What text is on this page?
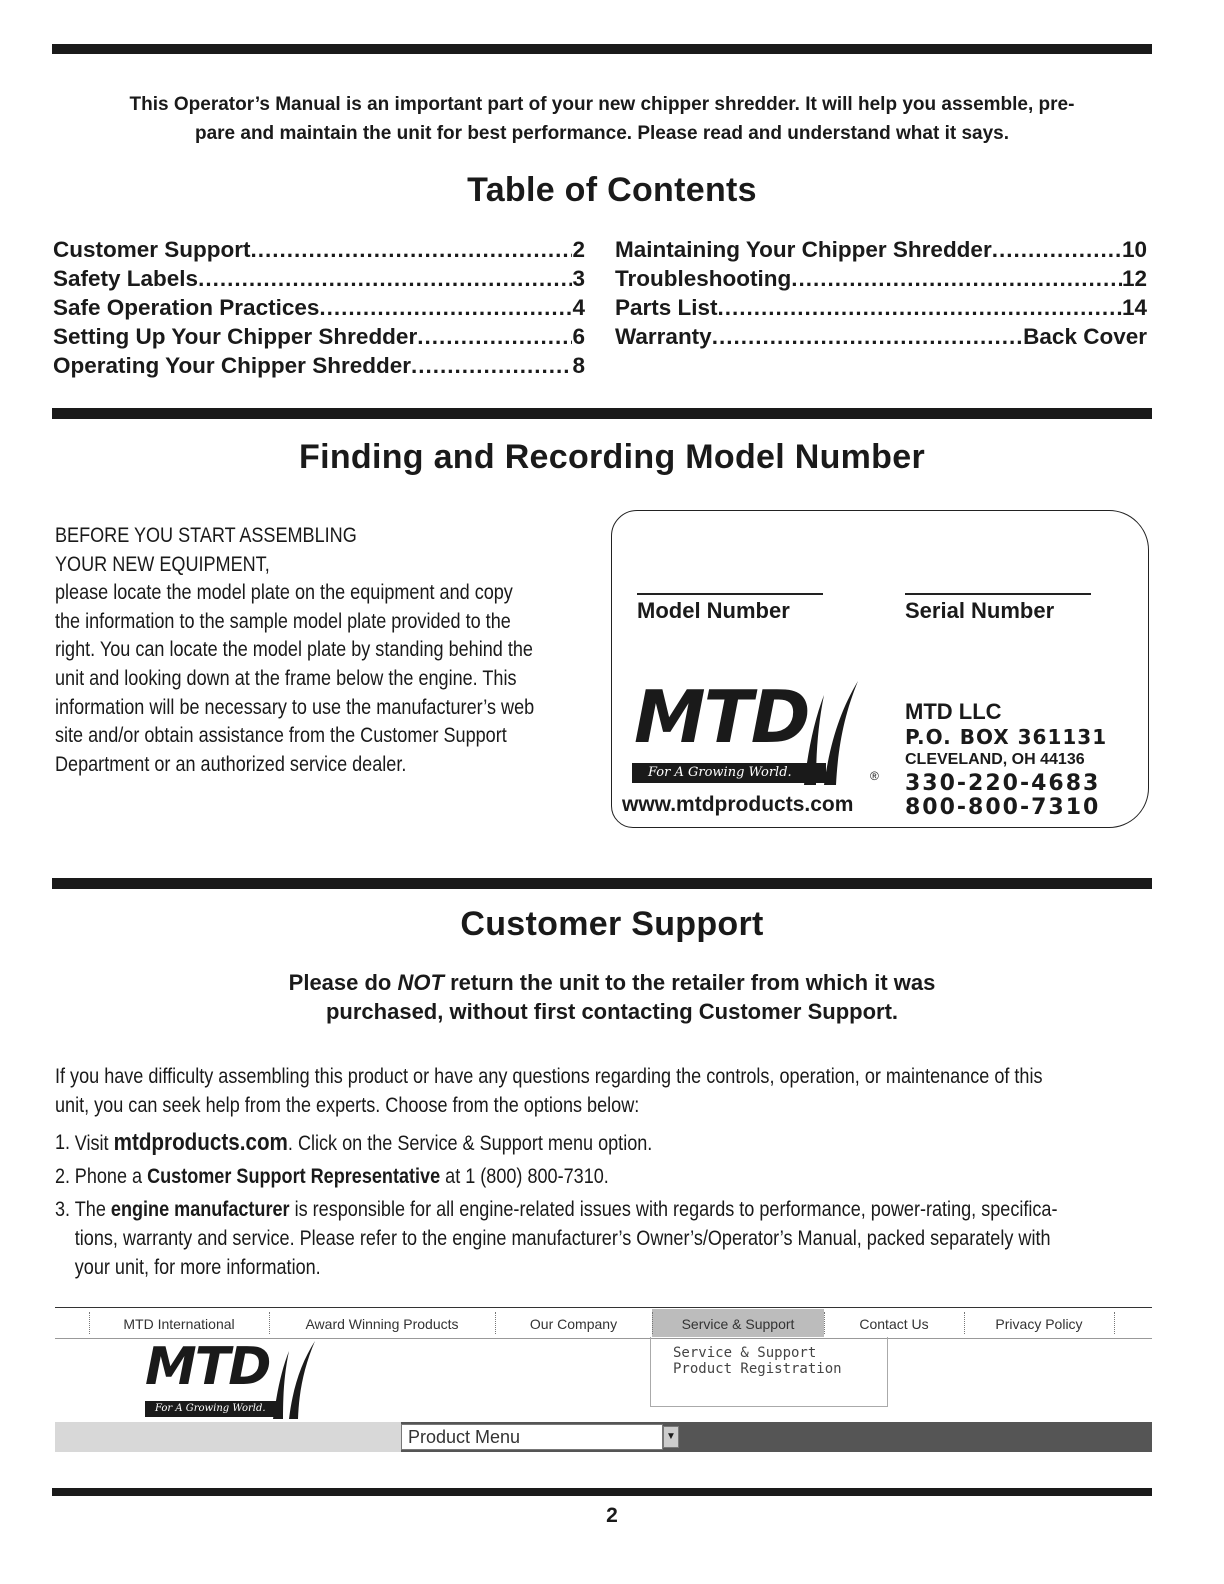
This Operator’s Manual is an important part of your new chipper shredder. It will help you assemble, pre-
pare and maintain the unit for best performance. Please read and understand what it says.
Table of Contents
Customer Support .....	2
Safety Labels .....	3
Safe Operation Practices .....	4
Setting Up Your Chipper Shredder .....	6
Operating Your Chipper Shredder .....	8
Maintaining Your Chipper Shredder .....	10
Troubleshooting .....	12
Parts List .....	14
Warranty .....	Back Cover
Finding and Recording Model Number
BEFORE YOU START ASSEMBLING
YOUR NEW EQUIPMENT,
please locate the model plate on the equipment and copy
the information to the sample model plate provided to the
right. You can locate the model plate by standing behind the
unit and looking down at the frame below the engine. This
information will be necessary to use the manufacturer’s web
site and/or obtain assistance from the Customer Support
Department or an authorized service dealer.
Model Number	Serial Number
MTD
For A Growing World.	®
www.mtdproducts.com
MTD LLC
P.O. BOX 361131
CLEVELAND, OH 44136
330-220-4683
800-800-7310
Customer Support
Please do NOT return the unit to the retailer from which it was
purchased, without first contacting Customer Support.
If you have difficulty assembling this product or have any questions regarding the controls, operation, or maintenance of this
unit, you can seek help from the experts. Choose from the options below:
1. Visit mtdproducts.com. Click on the Service & Support menu option.
2. Phone a Customer Support Representative at 1 (800) 800-7310.
3. The engine manufacturer is responsible for all engine-related issues with regards to performance, power-rating, specifica-
tions, warranty and service. Please refer to the engine manufacturer’s Owner’s/Operator’s Manual, packed separately with
your unit, for more information.
MTD International	Award Winning Products	Our Company	Service & Support	Contact Us	Privacy Policy
Service & Support
Product Registration
MTD
For A Growing World.
Product Menu	▼
2
